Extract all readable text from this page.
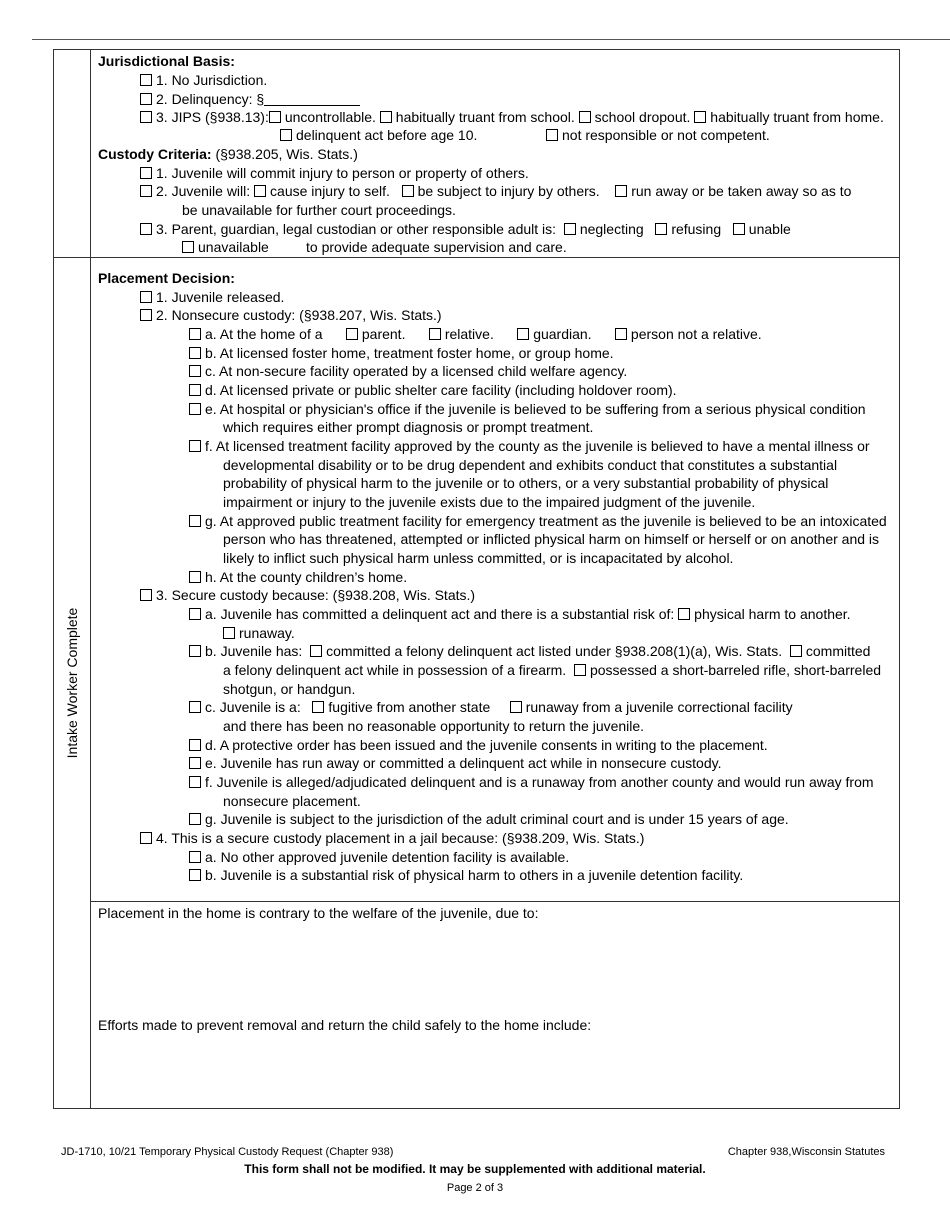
Jurisdictional Basis:
1. No Jurisdiction.
2. Delinquency: §
3. JIPS (§938.13): uncontrollable. habitually truant from school. school dropout. habitually truant from home.
delinquent act before age 10.	not responsible or not competent.
Custody Criteria: (§938.205, Wis. Stats.)
1. Juvenile will commit injury to person or property of others.
2. Juvenile will: cause injury to self. be subject to injury by others. run away or be taken away so as to
be unavailable for further court proceedings.
3. Parent, guardian, legal custodian or other responsible adult is: neglecting refusing unable
unavailable	to provide adequate supervision and care.
Intake Worker Complete
Placement Decision:
1. Juvenile released.
2. Nonsecure custody: (§938.207, Wis. Stats.)
a. At the home of a	parent.	relative.	guardian.	person not a relative.
b. At licensed foster home, treatment foster home, or group home.
c. At non-secure facility operated by a licensed child welfare agency.
d. At licensed private or public shelter care facility (including holdover room).
e. At hospital or physician's office if the juvenile is believed to be suffering from a serious physical condition
which requires either prompt diagnosis or prompt treatment.
f. At licensed treatment facility approved by the county as the juvenile is believed to have a mental illness or
developmental disability or to be drug dependent and exhibits conduct that constitutes a substantial
probability of physical harm to the juvenile or to others, or a very substantial probability of physical
impairment or injury to the juvenile exists due to the impaired judgment of the juvenile.
g. At approved public treatment facility for emergency treatment as the juvenile is believed to be an intoxicated
person who has threatened, attempted or inflicted physical harm on himself or herself or on another and is
likely to inflict such physical harm unless committed, or is incapacitated by alcohol.
h. At the county children’s home.
3. Secure custody because: (§938.208, Wis. Stats.)
a. Juvenile has committed a delinquent act and there is a substantial risk of: physical harm to another.
runaway.
b. Juvenile has: committed a felony delinquent act listed under §938.208(1)(a), Wis. Stats. committed
a felony delinquent act while in possession of a firearm. possessed a short-barreled rifle, short-barreled
shotgun, or handgun.
c. Juvenile is a: fugitive from another state	runaway from a juvenile correctional facility
and there has been no reasonable opportunity to return the juvenile.
d. A protective order has been issued and the juvenile consents in writing to the placement.
e. Juvenile has run away or committed a delinquent act while in nonsecure custody.
f. Juvenile is alleged/adjudicated delinquent and is a runaway from another county and would run away from
nonsecure placement.
g. Juvenile is subject to the jurisdiction of the adult criminal court and is under 15 years of age.
4. This is a secure custody placement in a jail because: (§938.209, Wis. Stats.)
a. No other approved juvenile detention facility is available.
b. Juvenile is a substantial risk of physical harm to others in a juvenile detention facility.
Placement in the home is contrary to the welfare of the juvenile, due to:
Efforts made to prevent removal and return the child safely to the home include:
JD-1710, 10/21 Temporary Physical Custody Request (Chapter 938)	Chapter 938,Wisconsin Statutes
This form shall not be modified. It may be supplemented with additional material.
Page 2 of 3
